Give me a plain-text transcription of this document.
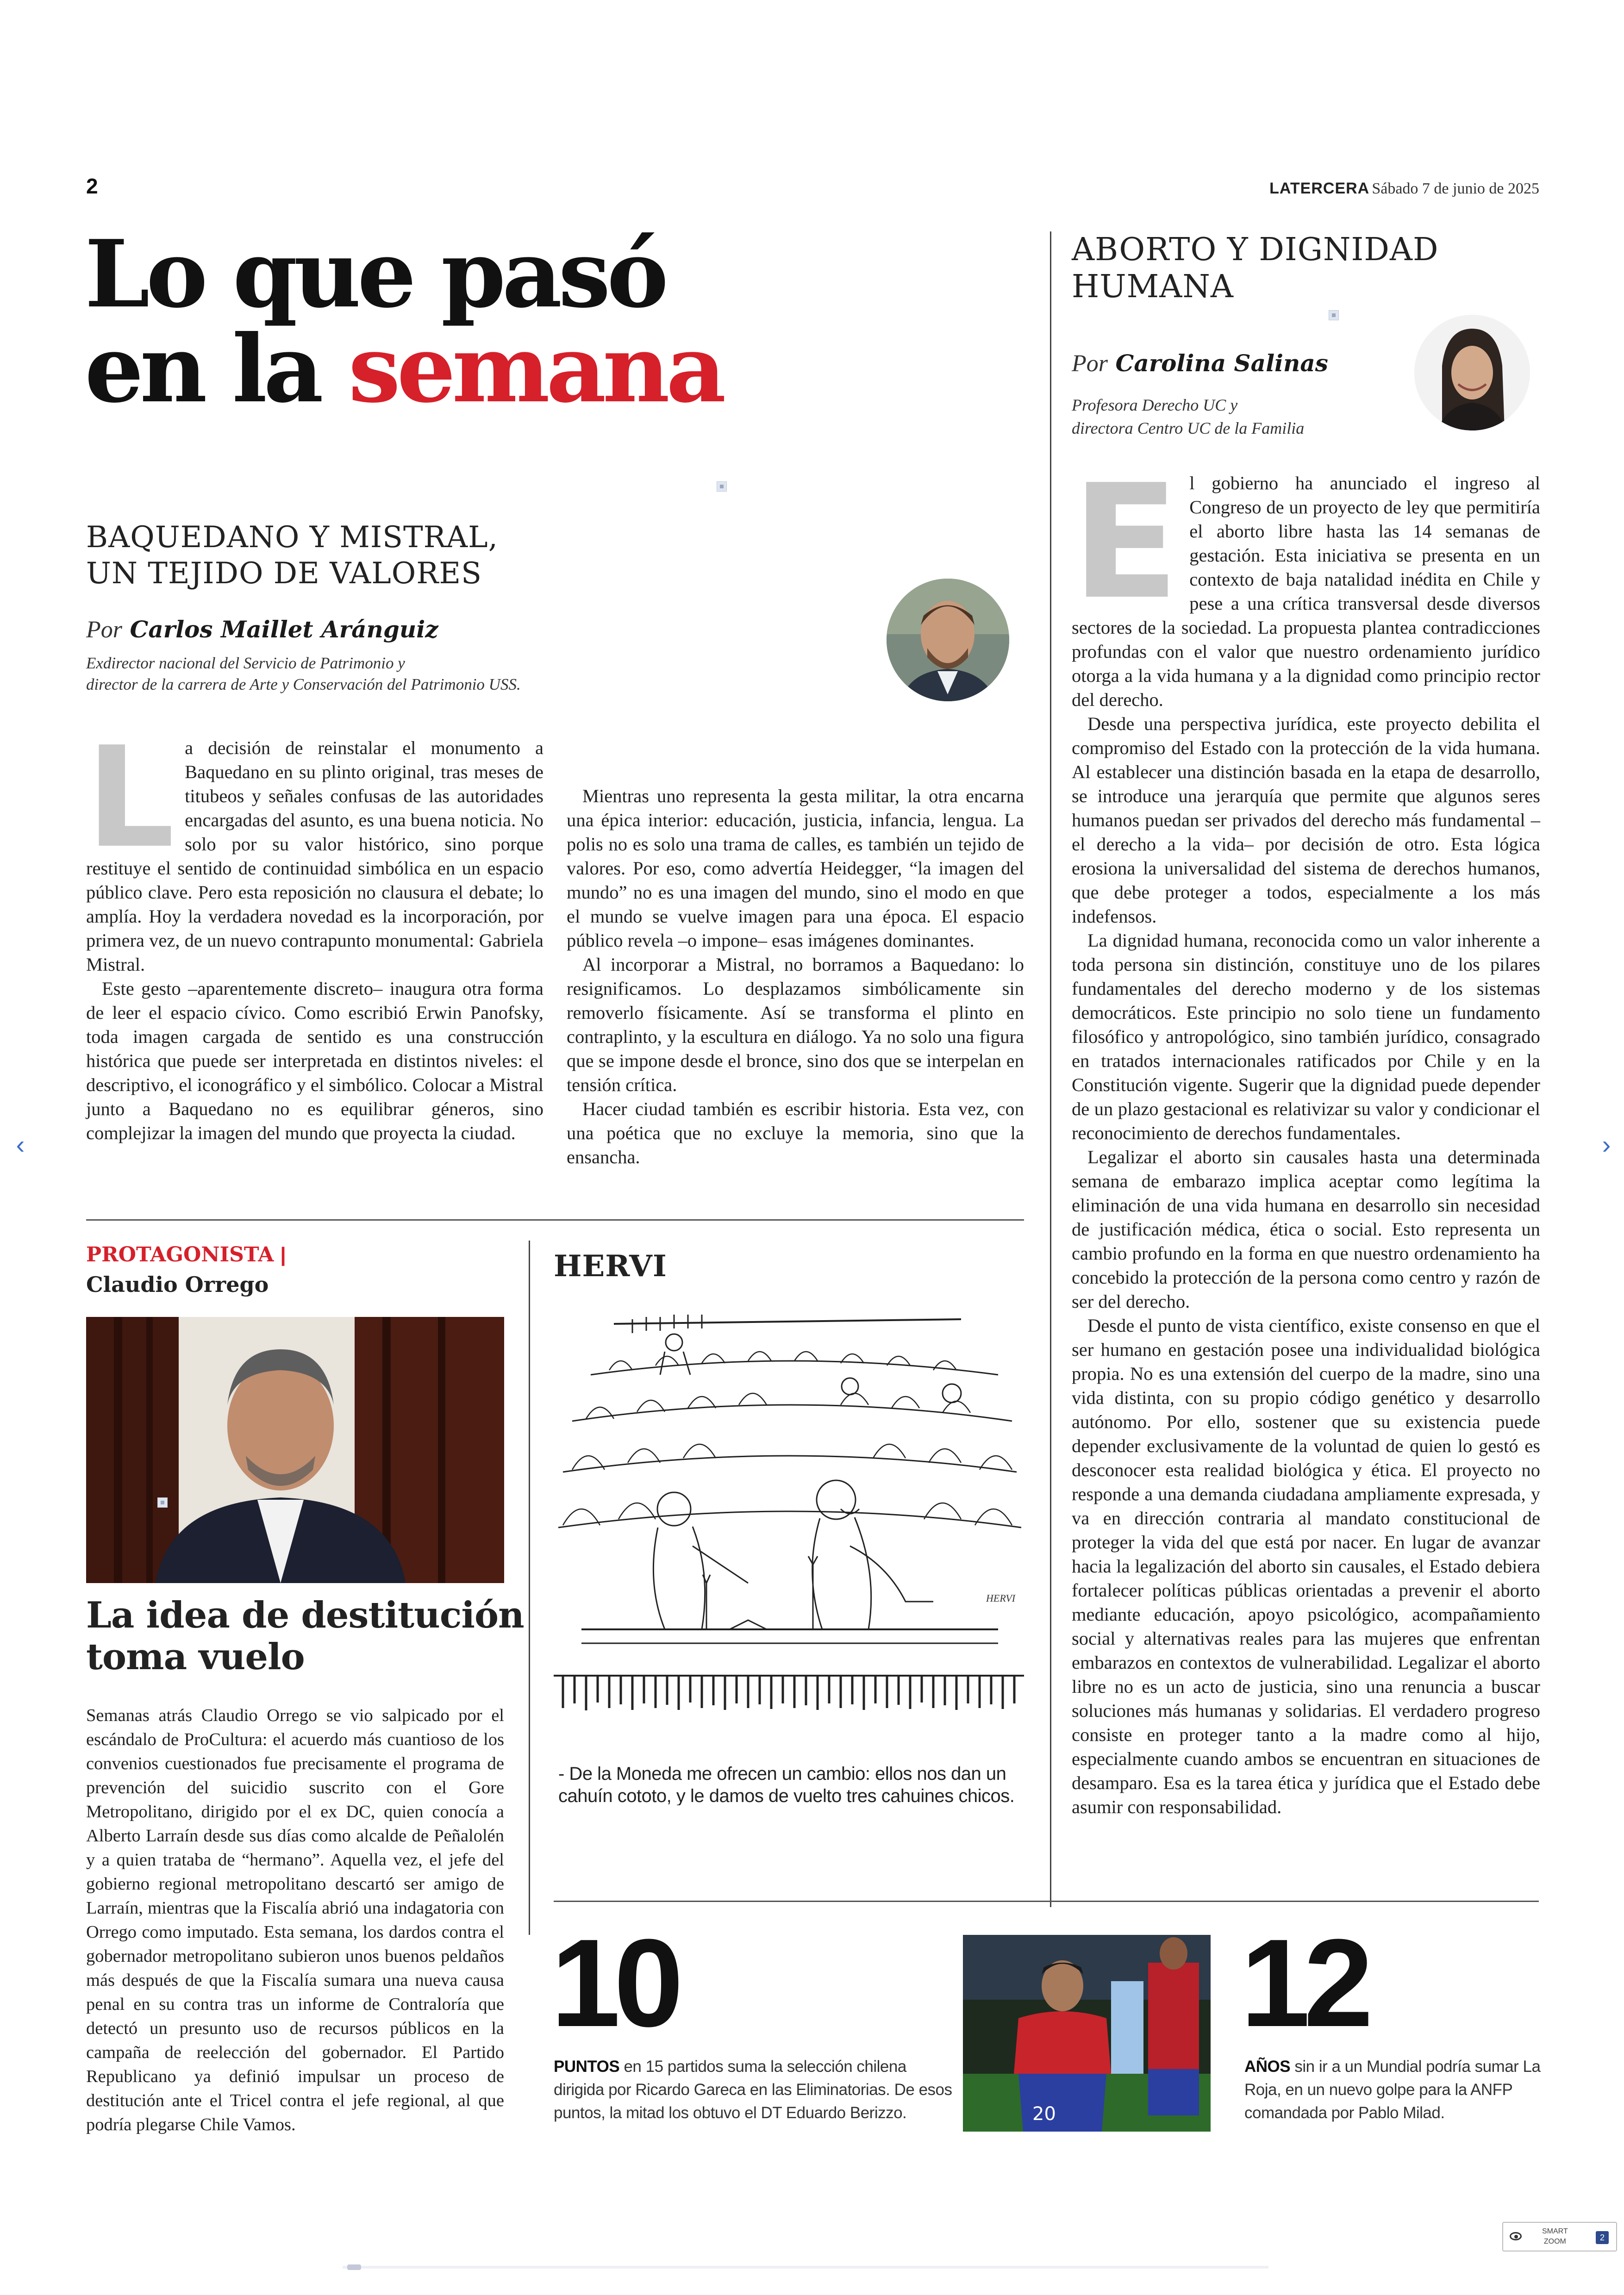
2	LATERCERA Sábado 7 de junio de 2025
Lo que pasó
en la semana
BAQUEDANO Y MISTRAL,
UN TEJIDO DE VALORES
Por Carlos Maillet Aránguiz
Exdirector nacional del Servicio de Patrimonio y
director de la carrera de Arte y Conservación del Patrimonio USS.

La decisión de reinstalar el monumento a Baquedano en su plinto original, tras meses de titubeos y señales confusas de las autoridades encargadas del asunto, es una buena noticia. No solo por su valor histórico, sino porque restituye el sentido de continuidad simbólica en un espacio público clave. Pero esta reposición no clausura el debate; lo amplía. Hoy la verdadera novedad es la incorporación, por primera vez, de un nuevo contrapunto monumental: Gabriela Mistral.

Este gesto –aparentemente discreto– inaugura otra forma de leer el espacio cívico. Como escribió Erwin Panofsky, toda imagen cargada de sentido es una construcción histórica que puede ser interpretada en distintos niveles: el descriptivo, el iconográfico y el simbólico. Colocar a Mistral junto a Baquedano no es equilibrar géneros, sino complejizar la imagen del mundo que proyecta la ciudad.

Mientras uno representa la gesta militar, la otra encarna una épica interior: educación, justicia, infancia, lengua. La polis no es solo una trama de calles, es también un tejido de valores. Por eso, como advertía Heidegger, “la imagen del mundo” no es una imagen del mundo, sino el modo en que el mundo se vuelve imagen para una época. El espacio público revela –o impone– esas imágenes dominantes.

Al incorporar a Mistral, no borramos a Baquedano: lo resignificamos. Lo desplazamos simbólicamente sin removerlo físicamente. Así se transforma el plinto en contraplinto, y la escultura en diálogo. Ya no solo una figura que se impone desde el bronce, sino dos que se interpelan en tensión crítica.

Hacer ciudad también es escribir historia. Esta vez, con una poética que no excluye la memoria, sino que la ensancha.

ABORTO Y DIGNIDAD
HUMANA
Por Carolina Salinas
Profesora Derecho UC y
directora Centro UC de la Familia

El gobierno ha anunciado el ingreso al Congreso de un proyecto de ley que permitiría el aborto libre hasta las 14 semanas de gestación. Esta iniciativa se presenta en un contexto de baja natalidad inédita en Chile y pese a una crítica transversal desde diversos sectores de la sociedad. La propuesta plantea contradicciones profundas con el valor que nuestro ordenamiento jurídico otorga a la vida humana y a la dignidad como principio rector del derecho.

Desde una perspectiva jurídica, este proyecto debilita el compromiso del Estado con la protección de la vida humana. Al establecer una distinción basada en la etapa de desarrollo, se introduce una jerarquía que permite que algunos seres humanos puedan ser privados del derecho más fundamental –el derecho a la vida– por decisión de otro. Esta lógica erosiona la universalidad del sistema de derechos humanos, que debe proteger a todos, especialmente a los más indefensos.

La dignidad humana, reconocida como un valor inherente a toda persona sin distinción, constituye uno de los pilares fundamentales del derecho moderno y de los sistemas democráticos. Este principio no solo tiene un fundamento filosófico y antropológico, sino también jurídico, consagrado en tratados internacionales ratificados por Chile y en la Constitución vigente. Sugerir que la dignidad puede depender de un plazo gestacional es relativizar su valor y condicionar el reconocimiento de derechos fundamentales.

Legalizar el aborto sin causales hasta una determinada semana de embarazo implica aceptar como legítima la eliminación de una vida humana en desarrollo sin necesidad de justificación médica, ética o social. Esto representa un cambio profundo en la forma en que nuestro ordenamiento ha concebido la protección de la persona como centro y razón de ser del derecho.

Desde el punto de vista científico, existe consenso en que el ser humano en gestación posee una individualidad biológica propia. No es una extensión del cuerpo de la madre, sino una vida distinta, con su propio código genético y desarrollo autónomo. Por ello, sostener que su existencia puede depender exclusivamente de la voluntad de quien lo gestó es desconocer esta realidad biológica y ética. El proyecto no responde a una demanda ciudadana ampliamente expresada, y va en dirección contraria al mandato constitucional de proteger la vida del que está por nacer. En lugar de avanzar hacia la legalización del aborto sin causales, el Estado debiera fortalecer políticas públicas orientadas a prevenir el aborto mediante educación, apoyo psicológico, acompañamiento social y alternativas reales para las mujeres que enfrentan embarazos en contextos de vulnerabilidad. Legalizar el aborto libre no es un acto de justicia, sino una renuncia a buscar soluciones más humanas y solidarias. El verdadero progreso consiste en proteger tanto a la madre como al hijo, especialmente cuando ambos se encuentran en situaciones de desamparo. Esa es la tarea ética y jurídica que el Estado debe asumir con responsabilidad.

PROTAGONISTA |
Claudio Orrego
La idea de destitución
toma vuelo
Semanas atrás Claudio Orrego se vio salpicado por el escándalo de ProCultura: el acuerdo más cuantioso de los convenios cuestionados fue precisamente el programa de prevención del suicidio suscrito con el Gore Metropolitano, dirigido por el ex DC, quien conocía a Alberto Larraín desde sus días como alcalde de Peñalolén y a quien trataba de “hermano”. Aquella vez, el jefe del gobierno regional metropolitano descartó ser amigo de Larraín, mientras que la Fiscalía abrió una indagatoria con Orrego como imputado. Esta semana, los dardos contra el gobernador metropolitano subieron unos buenos peldaños más después de que la Fiscalía sumara una nueva causa penal en su contra tras un informe de Contraloría que detectó un presunto uso de recursos públicos en la campaña de reelección del gobernador. El Partido Republicano ya definió impulsar un proceso de destitución ante el Tricel contra el jefe regional, al que podría plegarse Chile Vamos.
HERVI
HERVI
- De la Moneda me ofrecen un cambio: ellos nos dan un
cahuín cototo, y le damos de vuelto tres cahuines chicos.
10
PUNTOS en 15 partidos suma la selección chilena dirigida por Ricardo Gareca en las Eliminatorias. De esos puntos, la mitad los obtuvo el DT Eduardo Berizzo.	20
12
AÑOS sin ir a un Mundial podría sumar La Roja, en un nuevo golpe para la ANFP comandada por Pablo Milad.
‹	›
SMART
ZOOM	2
